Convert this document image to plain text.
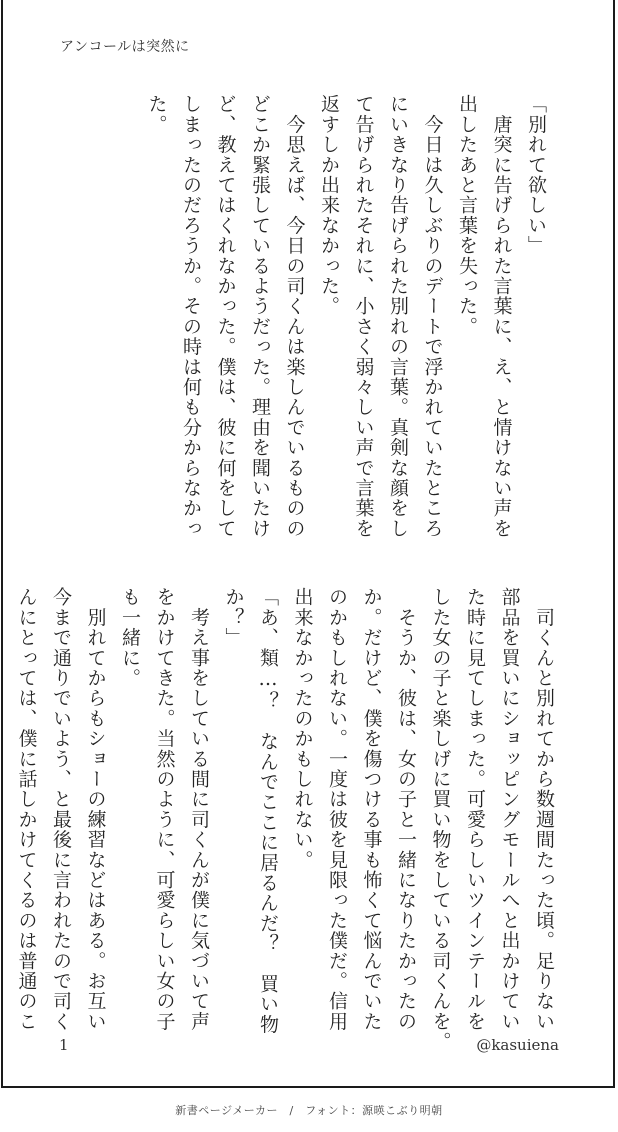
アンコールは突然に

「別れて欲しい」

　唐突に告げられた言葉に、え、と情けない声を

出したあと言葉を失った。

　今日は久しぶりのデートで浮かれていたところ

にいきなり告げられた別れの言葉。真剣な顔をし

て告げられたそれに、小さく弱々しい声で言葉を

返すしか出来なかった。

　今思えば、今日の司くんは楽しんでいるものの

どこか緊張しているようだった。理由を聞いたけ

ど、教えてはくれなかった。僕は、彼に何をして

しまったのだろうか。その時は何も分からなかっ

た。

　司くんと別れてから数週間たった頃。足りない

部品を買いにショッピングモールへと出かけてい

た時に見てしまった。可愛らしいツインテールを

した女の子と楽しげに買い物をしている司くんを。

　そうか、彼は、女の子と一緒になりたかったの

か。だけど、僕を傷つける事も怖くて悩んでいた

のかもしれない。一度は彼を見限った僕だ。信用

出来なかったのかもしれない。

「あ、類…？　なんでここに居るんだ？　買い物

か？」

　考え事をしている間に司くんが僕に気づいて声

をかけてきた。当然のように、可愛らしい女の子

も一緒に。

　別れてからもショーの練習などはある。お互い

今まで通りでいよう、と最後に言われたので司く

んにとっては、僕に話しかけてくるのは普通のこ

1	@kasuiena
新書ページメーカー　/　フォント：源暎こぶり明朝
